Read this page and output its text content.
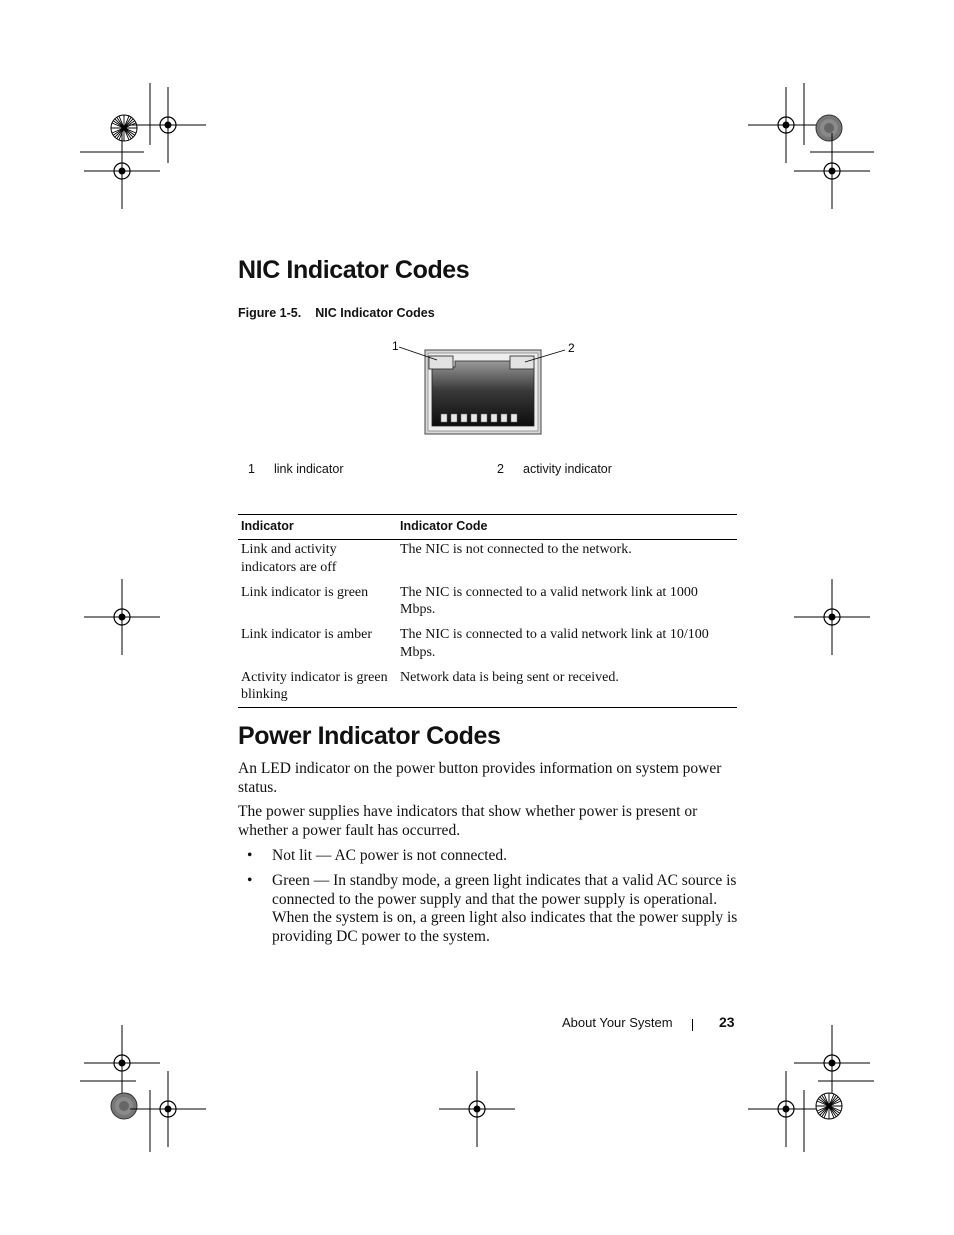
NIC Indicator Codes
Figure 1-5. NIC Indicator Codes
1	2
1 link indicator	2 activity indicator
Indicator	Indicator Code
Link and activity indicators are off	The NIC is not connected to the network.
Link indicator is green	The NIC is connected to a valid network link at 1000 Mbps.
Link indicator is amber	The NIC is connected to a valid network link at 10/100 Mbps.
Activity indicator is green blinking	Network data is being sent or received.
Power Indicator Codes

An LED indicator on the power button provides information on system power status.

The power supplies have indicators that show whether power is present or whether a power fault has occurred.

• Not lit — AC power is not connected.
• Green — In standby mode, a green light indicates that a valid AC source is connected to the power supply and that the power supply is operational. When the system is on, a green light also indicates that the power supply is providing DC power to the system.
About Your System	23
